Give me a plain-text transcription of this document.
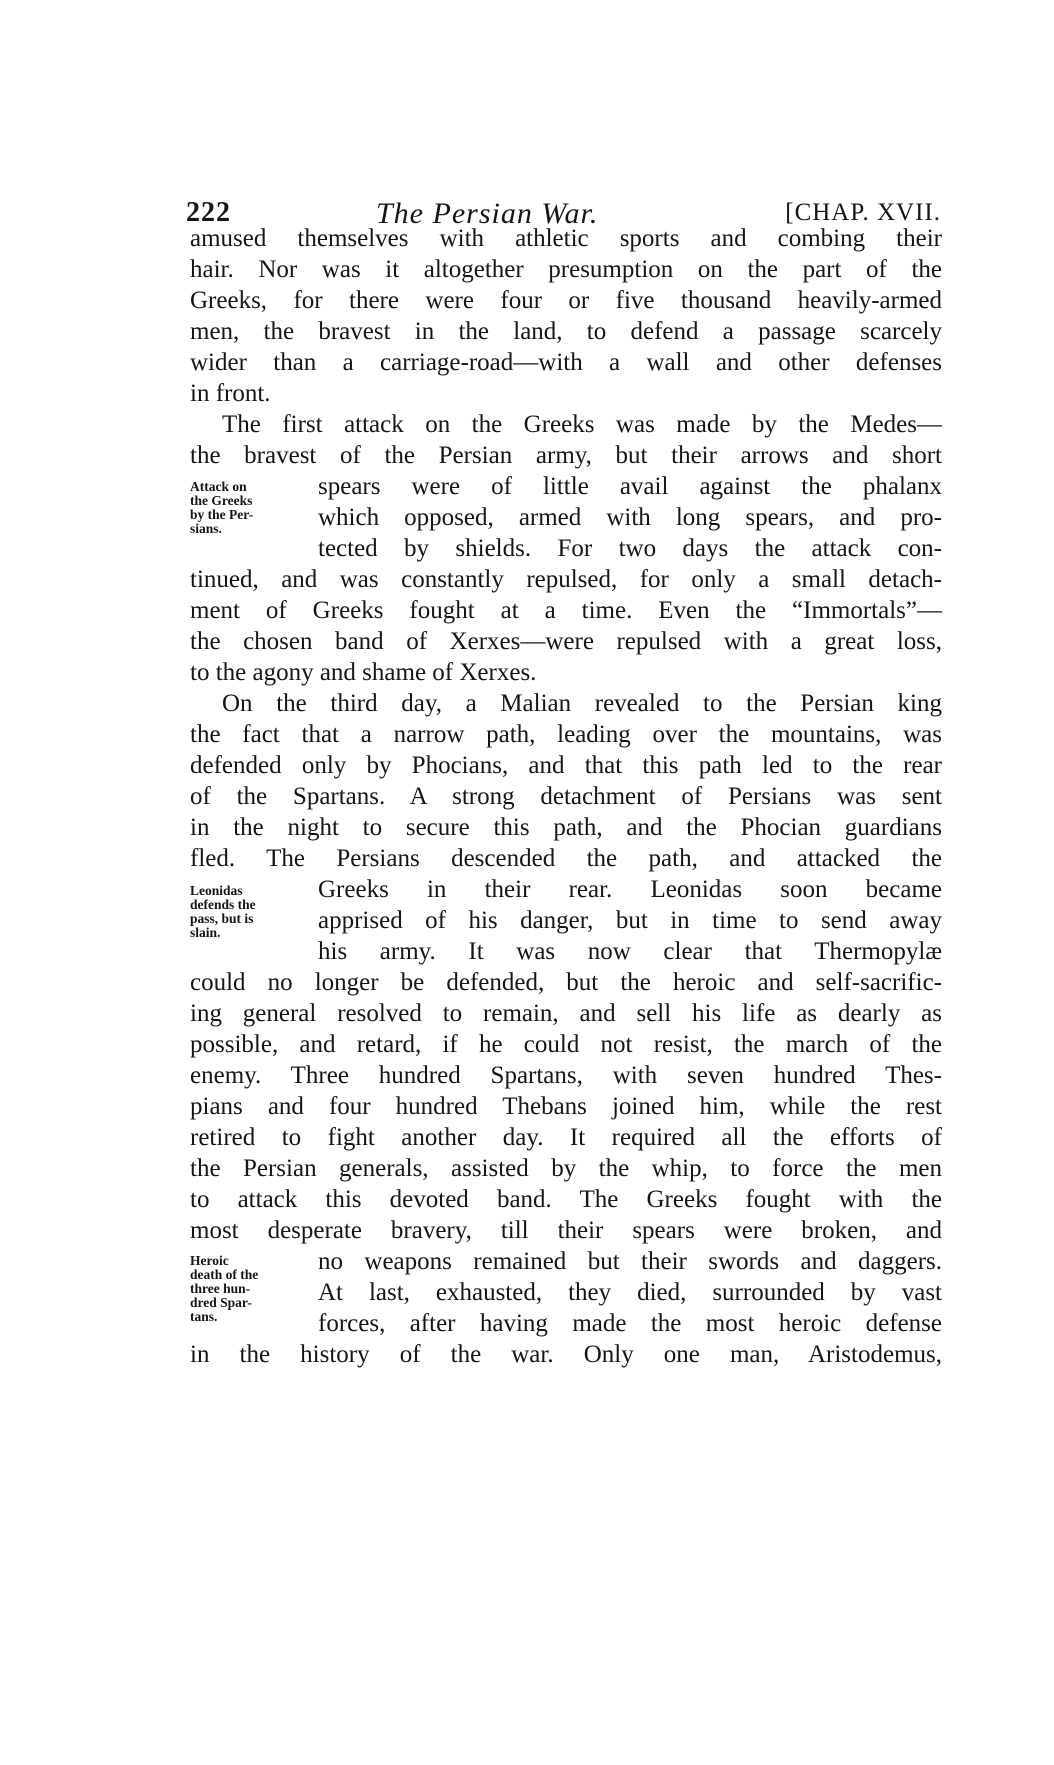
222	The Persian War.	[CHAP. XVII.
amused themselves with athletic sports and combing their
hair. Nor was it altogether presumption on the part of the
Greeks, for there were four or five thousand heavily-armed
men, the bravest in the land, to defend a passage scarcely
wider than a carriage-road—with a wall and other defenses
in front.
The first attack on the Greeks was made by the Medes—
the bravest of the Persian army, but their arrows and short
spears were of little avail against the phalanx
which opposed, armed with long spears, and pro-
tected by shields. For two days the attack con-
tinued, and was constantly repulsed, for only a small detach-
ment of Greeks fought at a time. Even the “Immortals”—
the chosen band of Xerxes—were repulsed with a great loss,
to the agony and shame of Xerxes.
On the third day, a Malian revealed to the Persian king
the fact that a narrow path, leading over the mountains, was
defended only by Phocians, and that this path led to the rear
of the Spartans. A strong detachment of Persians was sent
in the night to secure this path, and the Phocian guardians
fled. The Persians descended the path, and attacked the
Greeks in their rear. Leonidas soon became
apprised of his danger, but in time to send away
his army. It was now clear that Thermopylæ
could no longer be defended, but the heroic and self-sacrific-
ing general resolved to remain, and sell his life as dearly as
possible, and retard, if he could not resist, the march of the
enemy. Three hundred Spartans, with seven hundred Thes-
pians and four hundred Thebans joined him, while the rest
retired to fight another day. It required all the efforts of
the Persian generals, assisted by the whip, to force the men
to attack this devoted band. The Greeks fought with the
most desperate bravery, till their spears were broken, and
no weapons remained but their swords and daggers.
At last, exhausted, they died, surrounded by vast
forces, after having made the most heroic defense
in the history of the war. Only one man, Aristodemus,
Attack on
the Greeks
by the Per-
sians.
Leonidas
defends the
pass, but is
slain.
Heroic
death of the
three hun-
dred Spar-
tans.
